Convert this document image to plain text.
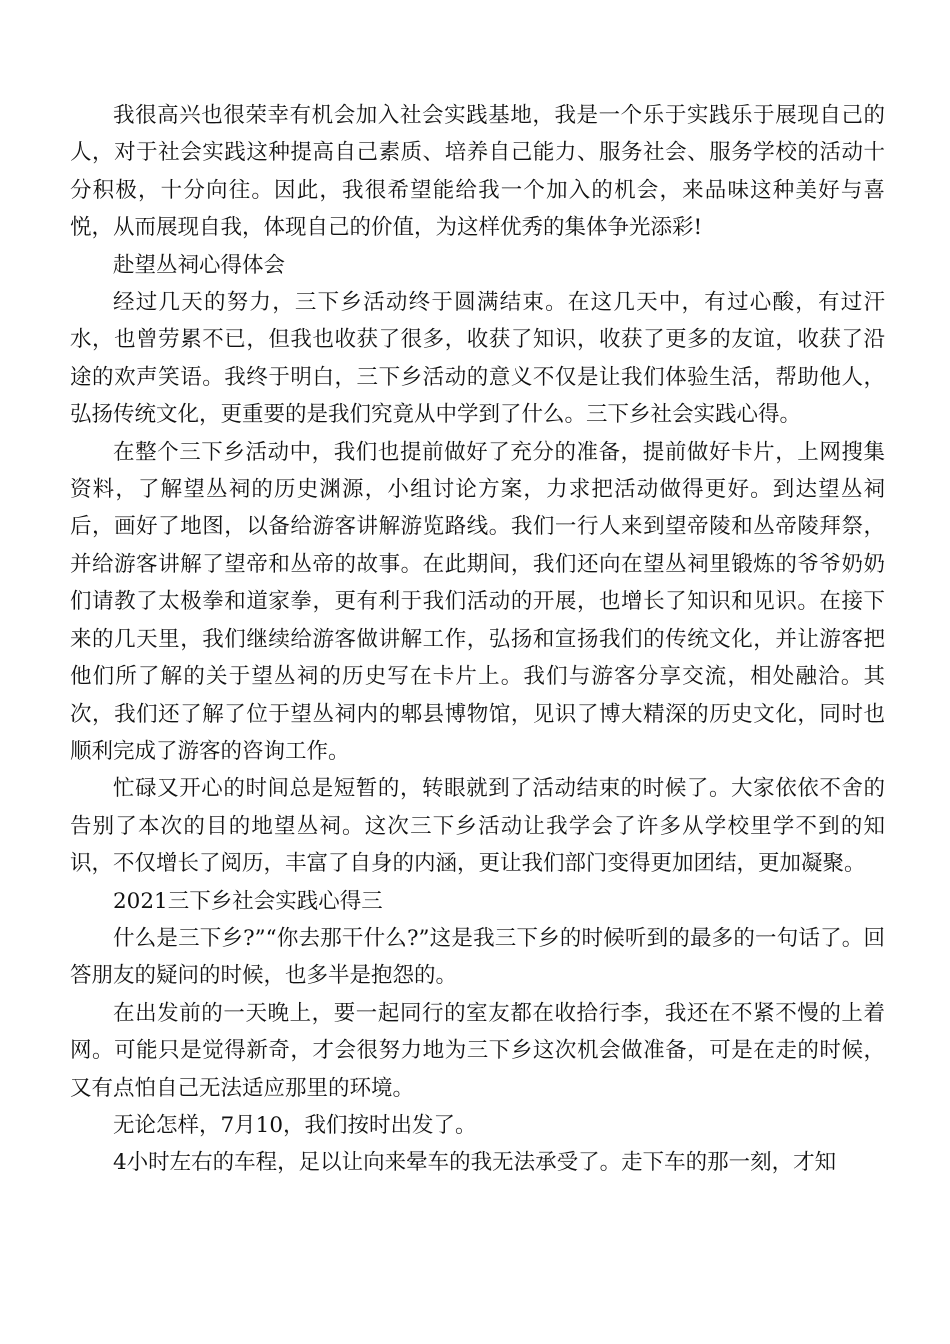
我很高兴也很荣幸有机会加入社会实践基地，我是一个乐于实践乐于展现自己的人，对于社会实践这种提高自己素质、培养自己能力、服务社会、服务学校的活动十分积极，十分向往。因此，我很希望能给我一个加入的机会，来品味这种美好与喜悦，从而展现自我，体现自己的价值，为这样优秀的集体争光添彩!

赴望丛祠心得体会

经过几天的努力，三下乡活动终于圆满结束。在这几天中，有过心酸，有过汗水，也曾劳累不已，但我也收获了很多，收获了知识，收获了更多的友谊，收获了沿途的欢声笑语。我终于明白，三下乡活动的意义不仅是让我们体验生活，帮助他人，弘扬传统文化，更重要的是我们究竟从中学到了什么。三下乡社会实践心得。

在整个三下乡活动中，我们也提前做好了充分的准备，提前做好卡片，上网搜集资料，了解望丛祠的历史渊源，小组讨论方案，力求把活动做得更好。到达望丛祠后，画好了地图，以备给游客讲解游览路线。我们一行人来到望帝陵和丛帝陵拜祭，并给游客讲解了望帝和丛帝的故事。在此期间，我们还向在望丛祠里锻炼的爷爷奶奶们请教了太极拳和道家拳，更有利于我们活动的开展，也增长了知识和见识。在接下来的几天里，我们继续给游客做讲解工作，弘扬和宣扬我们的传统文化，并让游客把他们所了解的关于望丛祠的历史写在卡片上。我们与游客分享交流，相处融洽。其次，我们还了解了位于望丛祠内的郫县博物馆，见识了博大精深的历史文化，同时也顺利完成了游客的咨询工作。

忙碌又开心的时间总是短暂的，转眼就到了活动结束的时候了。大家依依不舍的告别了本次的目的地望丛祠。这次三下乡活动让我学会了许多从学校里学不到的知识，不仅增长了阅历，丰富了自身的内涵，更让我们部门变得更加团结，更加凝聚。

2021三下乡社会实践心得三

什么是三下乡?”“你去那干什么?”这是我三下乡的时候听到的最多的一句话了。回答朋友的疑问的时候，也多半是抱怨的。

在出发前的一天晚上，要一起同行的室友都在收拾行李，我还在不紧不慢的上着网。可能只是觉得新奇，才会很努力地为三下乡这次机会做准备，可是在走的时候，又有点怕自己无法适应那里的环境。

无论怎样，7月10，我们按时出发了。

4小时左右的车程，足以让向来晕车的我无法承受了。走下车的那一刻，才知
